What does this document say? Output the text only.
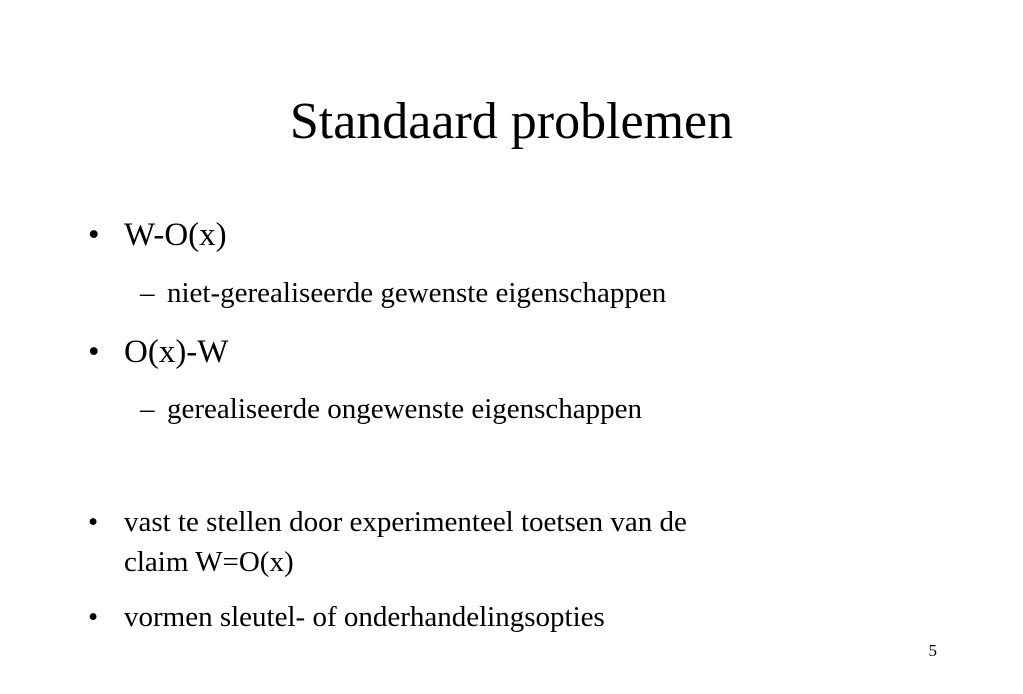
Standaard problemen
• W-O(x)
– niet-gerealiseerde gewenste eigenschappen
• O(x)-W
– gerealiseerde ongewenste eigenschappen
• vast te stellen door experimenteel toetsen van de
claim W=O(x)
• vormen sleutel- of onderhandelingsopties
5
